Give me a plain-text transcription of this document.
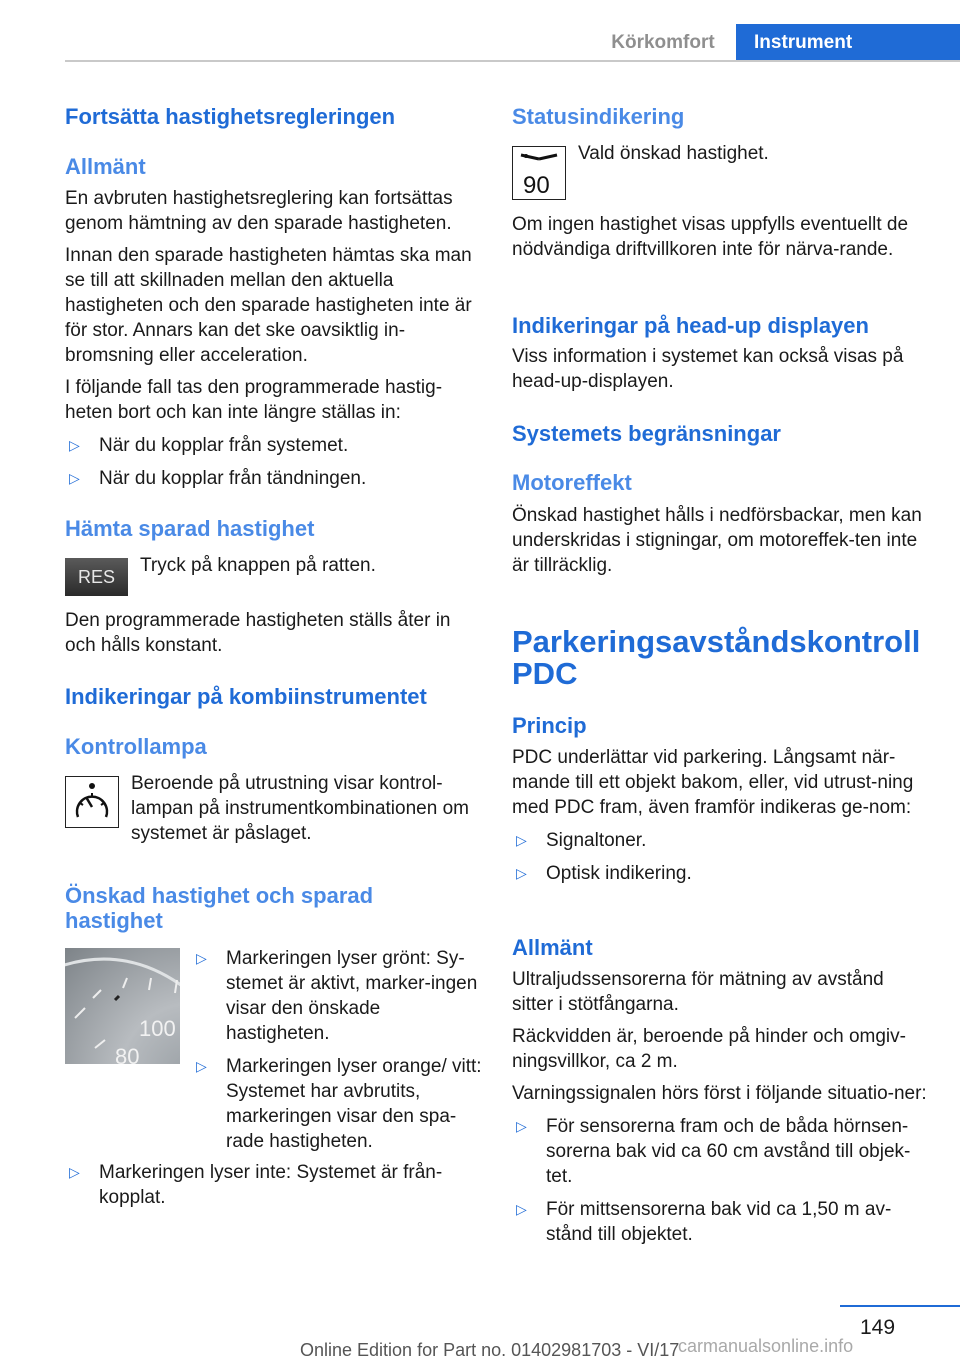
Körkomfort	Instrument
Fortsätta hastighetsregleringen
Allmänt

En avbruten hastighetsreglering kan fortsättas genom hämtning av den sparade hastigheten.

Innan den sparade hastigheten hämtas ska man se till att skillnaden mellan den aktuella hastigheten och den sparade hastigheten inte är för stor. Annars kan det ske oavsiktlig in-bromsning eller acceleration.

I följande fall tas den programmerade hastig-heten bort och kan inte längre ställas in:

▷ När du kopplar från systemet.
▷ När du kopplar från tändningen.
Hämta sparad hastighet
RES

Tryck på knappen på ratten.

Den programmerade hastigheten ställs åter in och hålls konstant.

Indikeringar på kombiinstrumentet
Kontrollampa

Beroende på utrustning visar kontrol-lampan på instrumentkombinationen om systemet är påslaget.

Önskad hastighet och sparad hastighet
100
80
▷ Markeringen lyser grönt: Sy-stemet är aktivt, marker-ingen visar den önskade hastigheten.
▷ Markeringen lyser orange/ vitt: Systemet har avbrutits, markeringen visar den spa-rade hastigheten.
▷ Markeringen lyser inte: Systemet är från-kopplat.
Statusindikering
90

Vald önskad hastighet.

Om ingen hastighet visas uppfylls eventuellt de nödvändiga driftvillkoren inte för närva-rande.

Indikeringar på head-up displayen

Viss information i systemet kan också visas på head-up-displayen.

Systemets begränsningar
Motoreffekt

Önskad hastighet hålls i nedförsbackar, men kan underskridas i stigningar, om motoreffek-ten inte är tillräcklig.

Parkeringsavståndskontroll PDC
Princip

PDC underlättar vid parkering. Långsamt när-mande till ett objekt bakom, eller, vid utrust-ning med PDC fram, även framför indikeras ge-nom:

▷ Signaltoner.
▷ Optisk indikering.
Allmänt

Ultraljudssensorerna för mätning av avstånd sitter i stötfångarna.

Räckvidden är, beroende på hinder och omgiv-ningsvillkor, ca 2 m.

Varningssignalen hörs först i följande situatio-ner:

▷ För sensorerna fram och de båda hörnsen-sorerna bak vid ca 60 cm avstånd till objek-tet.
▷ För mittsensorerna bak vid ca 1,50 m av-stånd till objektet.
149
Online Edition for Part no. 01402981703 - VI/17
carmanualsonline.info
